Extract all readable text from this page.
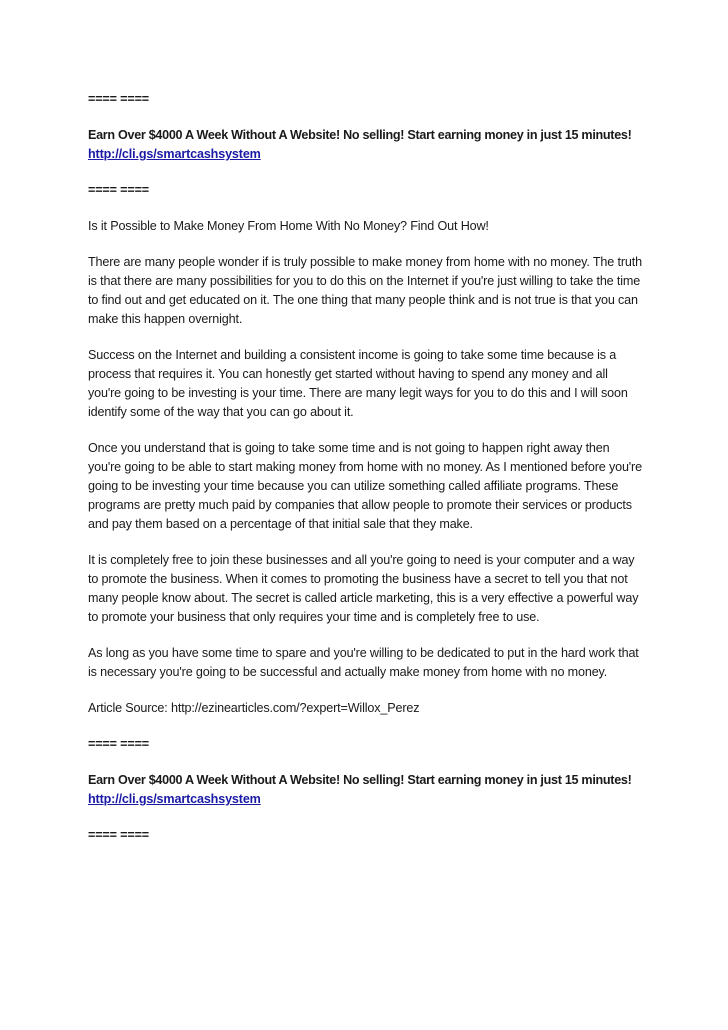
==== ====
Earn Over $4000 A Week Without A Website! No selling! Start earning money in just 15 minutes!
http://cli.gs/smartcashsystem
==== ====
Is it Possible to Make Money From Home With No Money? Find Out How!

There are many people wonder if is truly possible to make money from home with no money. The truth is that there are many possibilities for you to do this on the Internet if you're just willing to take the time to find out and get educated on it. The one thing that many people think and is not true is that you can make this happen overnight.

Success on the Internet and building a consistent income is going to take some time because is a process that requires it. You can honestly get started without having to spend any money and all you're going to be investing is your time. There are many legit ways for you to do this and I will soon identify some of the way that you can go about it.

Once you understand that is going to take some time and is not going to happen right away then you're going to be able to start making money from home with no money. As I mentioned before you're going to be investing your time because you can utilize something called affiliate programs. These programs are pretty much paid by companies that allow people to promote their services or products and pay them based on a percentage of that initial sale that they make.

It is completely free to join these businesses and all you're going to need is your computer and a way to promote the business. When it comes to promoting the business have a secret to tell you that not many people know about. The secret is called article marketing, this is a very effective a powerful way to promote your business that only requires your time and is completely free to use.

As long as you have some time to spare and you're willing to be dedicated to put in the hard work that is necessary you're going to be successful and actually make money from home with no money.

Article Source: http://ezinearticles.com/?expert=Willox_Perez
==== ====
Earn Over $4000 A Week Without A Website! No selling! Start earning money in just 15 minutes!
http://cli.gs/smartcashsystem
==== ====
